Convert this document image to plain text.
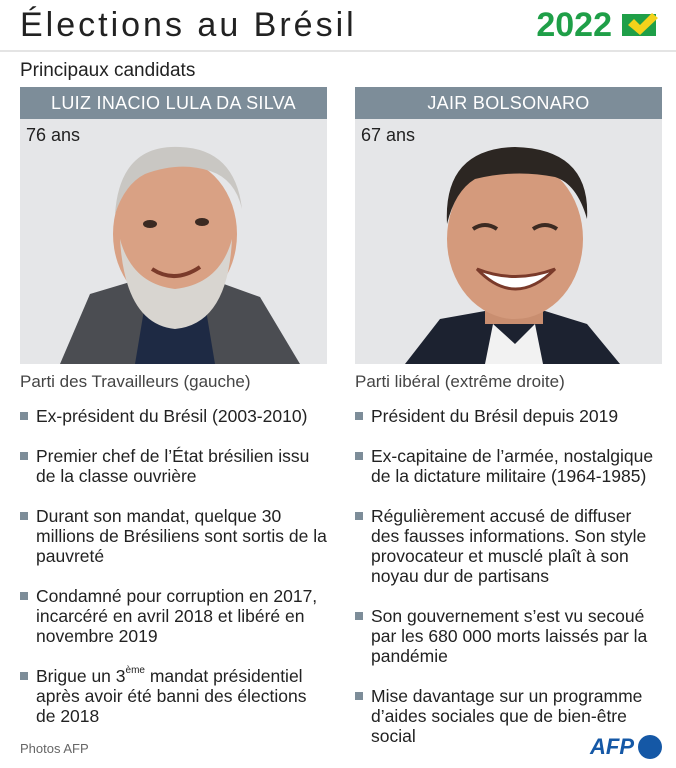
Élections au Brésil	2022
Principaux candidats
LUIZ INACIO LULA DA SILVA
76 ans
Parti des Travailleurs (gauche)
Ex-président du Brésil (2003-2010)
Premier chef de l’État brésilien issu de la classe ouvrière
Durant son mandat, quelque 30 millions de Brésiliens sont sortis de la pauvreté
Condamné pour corruption en 2017, incarcéré en avril 2018 et libéré en novembre 2019
Brigue un 3ème mandat présidentiel après avoir été banni des élections de 2018
JAIR BOLSONARO
67 ans
Parti libéral (extrême droite)
Président du Brésil depuis 2019
Ex-capitaine de l’armée, nostalgique de la dictature militaire (1964-1985)
Régulièrement accusé de diffuser des fausses informations. Son style provocateur et musclé plaît à son noyau dur de partisans
Son gouvernement s’est vu secoué par les 680 000 morts laissés par la pandémie
Mise davantage sur un programme d’aides sociales que de bien-être social
Photos AFP	AFP
